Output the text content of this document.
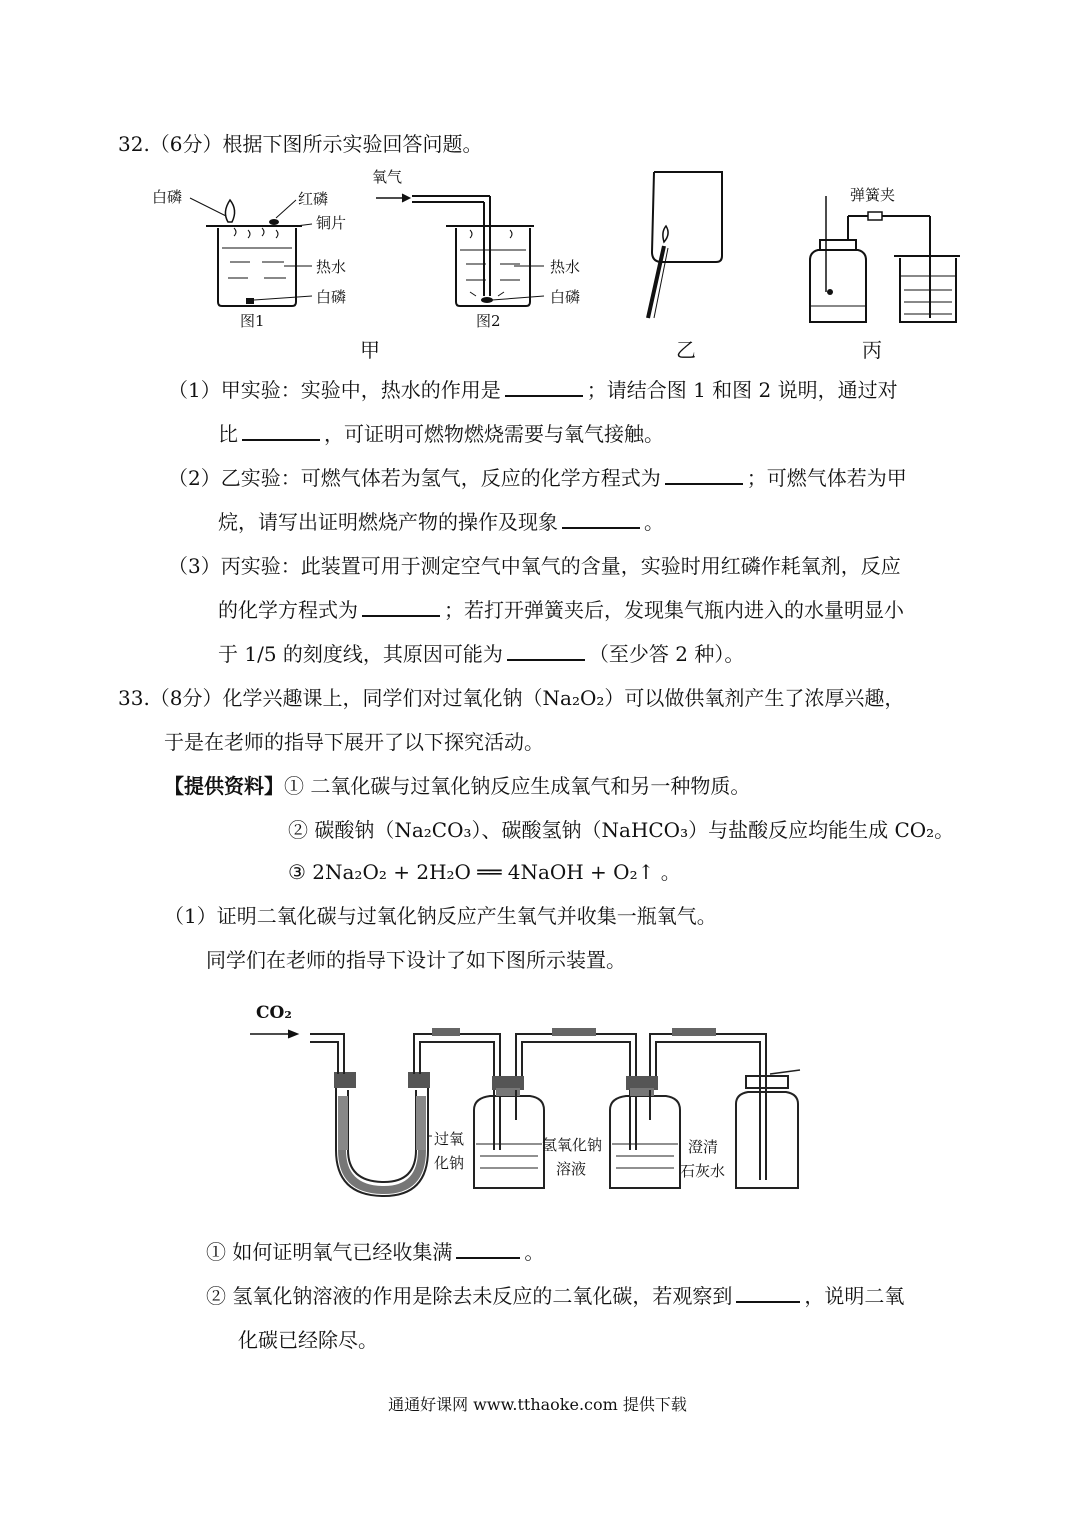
32.（6分）根据下图所示实验回答问题。
白磷	红磷
铜片
热水
白磷
氧气
热水
白磷
图1	图2
弹簧夹
甲	乙	丙
（1）甲实验：实验中，热水的作用是	；请结合图 1 和图 2 说明，通过对
比	，可证明可燃物燃烧需要与氧气接触。
（2）乙实验：可燃气体若为氢气，反应的化学方程式为	；可燃气体若为甲
烷，请写出证明燃烧产物的操作及现象	。
（3）丙实验：此装置可用于测定空气中氧气的含量，实验时用红磷作耗氧剂，反应
的化学方程式为	；若打开弹簧夹后，发现集气瓶内进入的水量明显小
于 1/5 的刻度线，其原因可能为	（至少答 2 种）。
33.（8分）化学兴趣课上，同学们对过氧化钠（Na₂O₂）可以做供氧剂产生了浓厚兴趣，
于是在老师的指导下展开了以下探究活动。
【提供资料】① 二氧化碳与过氧化钠反应生成氧气和另一种物质。
② 碳酸钠（Na₂CO₃）、碳酸氢钠（NaHCO₃）与盐酸反应均能生成 CO₂。
③ 2Na₂O₂ + 2H₂O ══ 4NaOH + O₂↑ 。
（1）证明二氧化碳与过氧化钠反应产生氧气并收集一瓶氧气。
同学们在老师的指导下设计了如下图所示装置。
CO₂
过氧
化钠
氢氧化钠
溶液
澄清
石灰水
① 如何证明氧气已经收集满	。
② 氢氧化钠溶液的作用是除去未反应的二氧化碳，若观察到	，说明二氧
化碳已经除尽。
通通好课网 www.tthaoke.com 提供下载
